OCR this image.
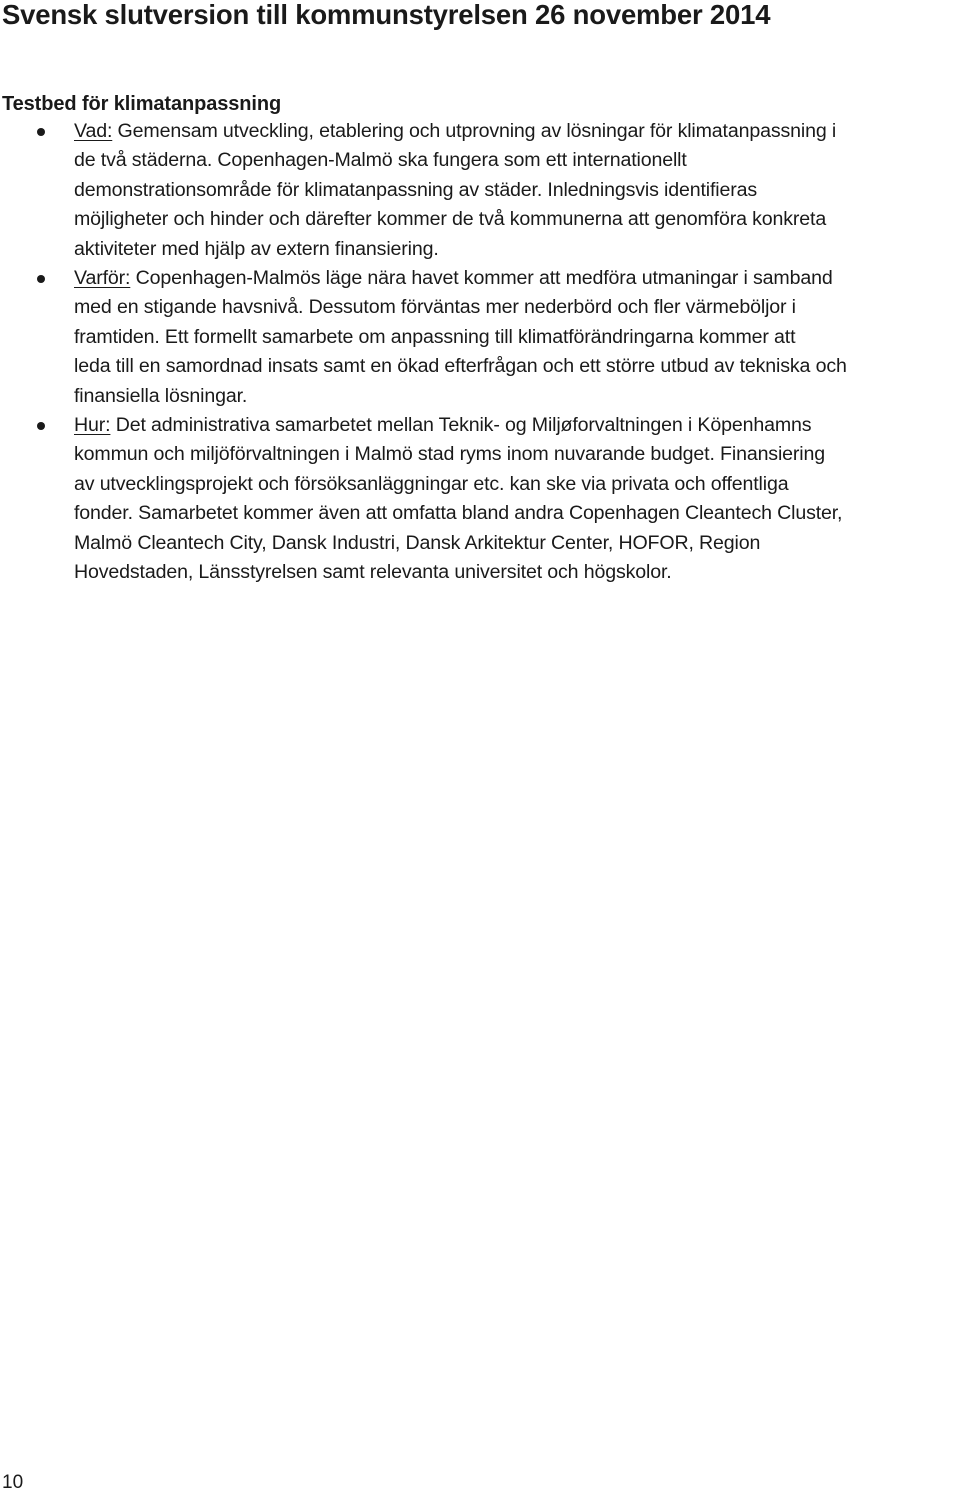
Svensk slutversion till kommunstyrelsen 26 november 2014
Testbed för klimatanpassning
Vad: Gemensam utveckling, etablering och utprovning av lösningar för klimatanpassning i
de två städerna. Copenhagen-Malmö ska fungera som ett internationellt
demonstrationsområde för klimatanpassning av städer. Inledningsvis identifieras
möjligheter och hinder och därefter kommer de två kommunerna att genomföra konkreta
aktiviteter med hjälp av extern finansiering.
Varför: Copenhagen-Malmös läge nära havet kommer att medföra utmaningar i samband
med en stigande havsnivå. Dessutom förväntas mer nederbörd och fler värmeböljor i
framtiden. Ett formellt samarbete om anpassning till klimatförändringarna kommer att
leda till en samordnad insats samt en ökad efterfrågan och ett större utbud av tekniska och
finansiella lösningar.
Hur: Det administrativa samarbetet mellan Teknik- og Miljøforvaltningen i Köpenhamns
kommun och miljöförvaltningen i Malmö stad ryms inom nuvarande budget. Finansiering
av utvecklingsprojekt och försöksanläggningar etc. kan ske via privata och offentliga
fonder. Samarbetet kommer även att omfatta bland andra Copenhagen Cleantech Cluster,
Malmö Cleantech City, Dansk Industri, Dansk Arkitektur Center, HOFOR, Region
Hovedstaden, Länsstyrelsen samt relevanta universitet och högskolor.
10
